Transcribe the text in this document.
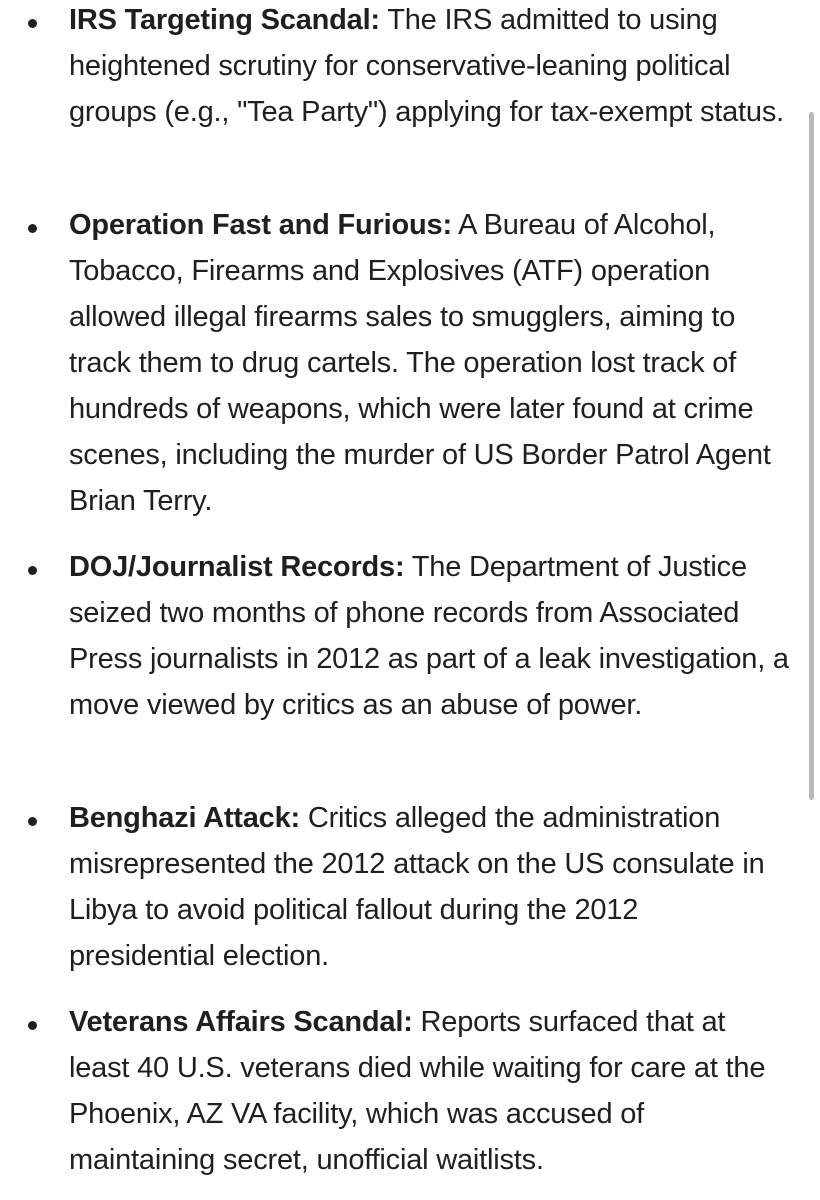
IRS Targeting Scandal: The IRS admitted to using heightened scrutiny for conservative-leaning political groups (e.g., "Tea Party") applying for tax-exempt status.

Operation Fast and Furious: A Bureau of Alcohol, Tobacco, Firearms and Explosives (ATF) operation allowed illegal firearms sales to smugglers, aiming to track them to drug cartels. The operation lost track of hundreds of weapons, which were later found at crime scenes, including the murder of US Border Patrol Agent Brian Terry.

DOJ/Journalist Records: The Department of Justice seized two months of phone records from Associated Press journalists in 2012 as part of a leak investigation, a move viewed by critics as an abuse of power.

Benghazi Attack: Critics alleged the administration misrepresented the 2012 attack on the US consulate in Libya to avoid political fallout during the 2012 presidential election.

Veterans Affairs Scandal: Reports surfaced that at least 40 U.S. veterans died while waiting for care at the Phoenix, AZ VA facility, which was accused of maintaining secret, unofficial waitlists.
